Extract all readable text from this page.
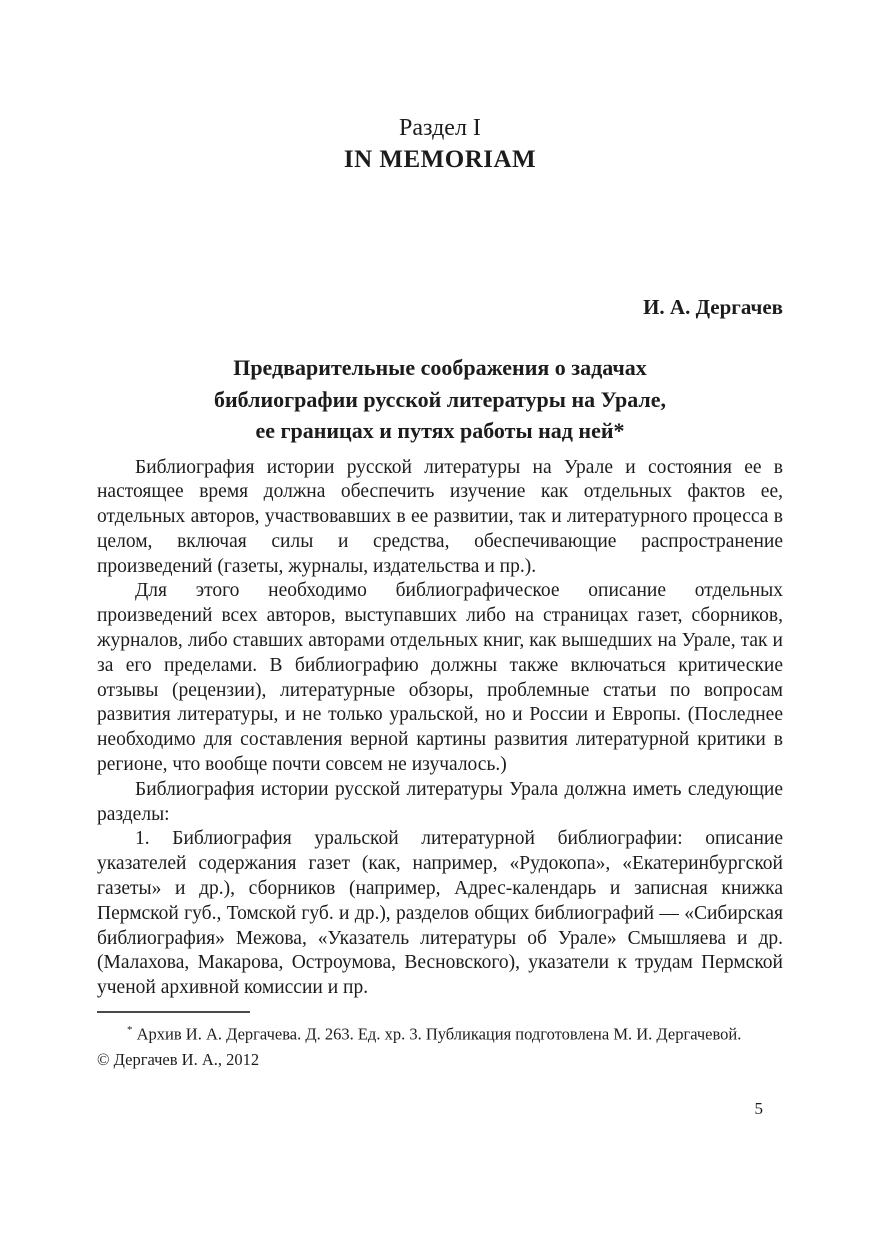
Раздел I
IN MEMORIAM
И. А. Дергачев
Предварительные соображения о задачах
библиографии русской литературы на Урале,
ее границах и путях работы над ней*

Библиография истории русской литературы на Урале и состояния ее в настоящее время должна обеспечить изучение как отдельных фактов ее, отдельных авторов, участвовавших в ее развитии, так и литературного процесса в целом, включая силы и средства, обеспечивающие распространение произведений (газеты, журналы, издательства и пр.).

Для этого необходимо библиографическое описание отдельных произведений всех авторов, выступавших либо на страницах газет, сборников, журналов, либо ставших авторами отдельных книг, как вышедших на Урале, так и за его пределами. В библиографию должны также включаться критические отзывы (рецензии), литературные обзоры, проблемные статьи по вопросам развития литературы, и не только уральской, но и России и Европы. (Последнее необходимо для составления верной картины развития литературной критики в регионе, что вообще почти совсем не изучалось.)

Библиография истории русской литературы Урала должна иметь следующие разделы:

1. Библиография уральской литературной библиографии: описание указателей содержания газет (как, например, «Рудокопа», «Екатеринбургской газеты» и др.), сборников (например, Адрес-календарь и записная книжка Пермской губ., Томской губ. и др.), разделов общих библиографий — «Сибирская библиография» Межова, «Указатель литературы об Урале» Смышляева и др. (Малахова, Макарова, Остроумова, Весновского), указатели к трудам Пермской ученой архивной комиссии и пр.

* Архив И. А. Дергачева. Д. 263. Ед. хр. 3. Публикация подготовлена М. И. Дергачевой.
© Дергачев И. А., 2012
5
